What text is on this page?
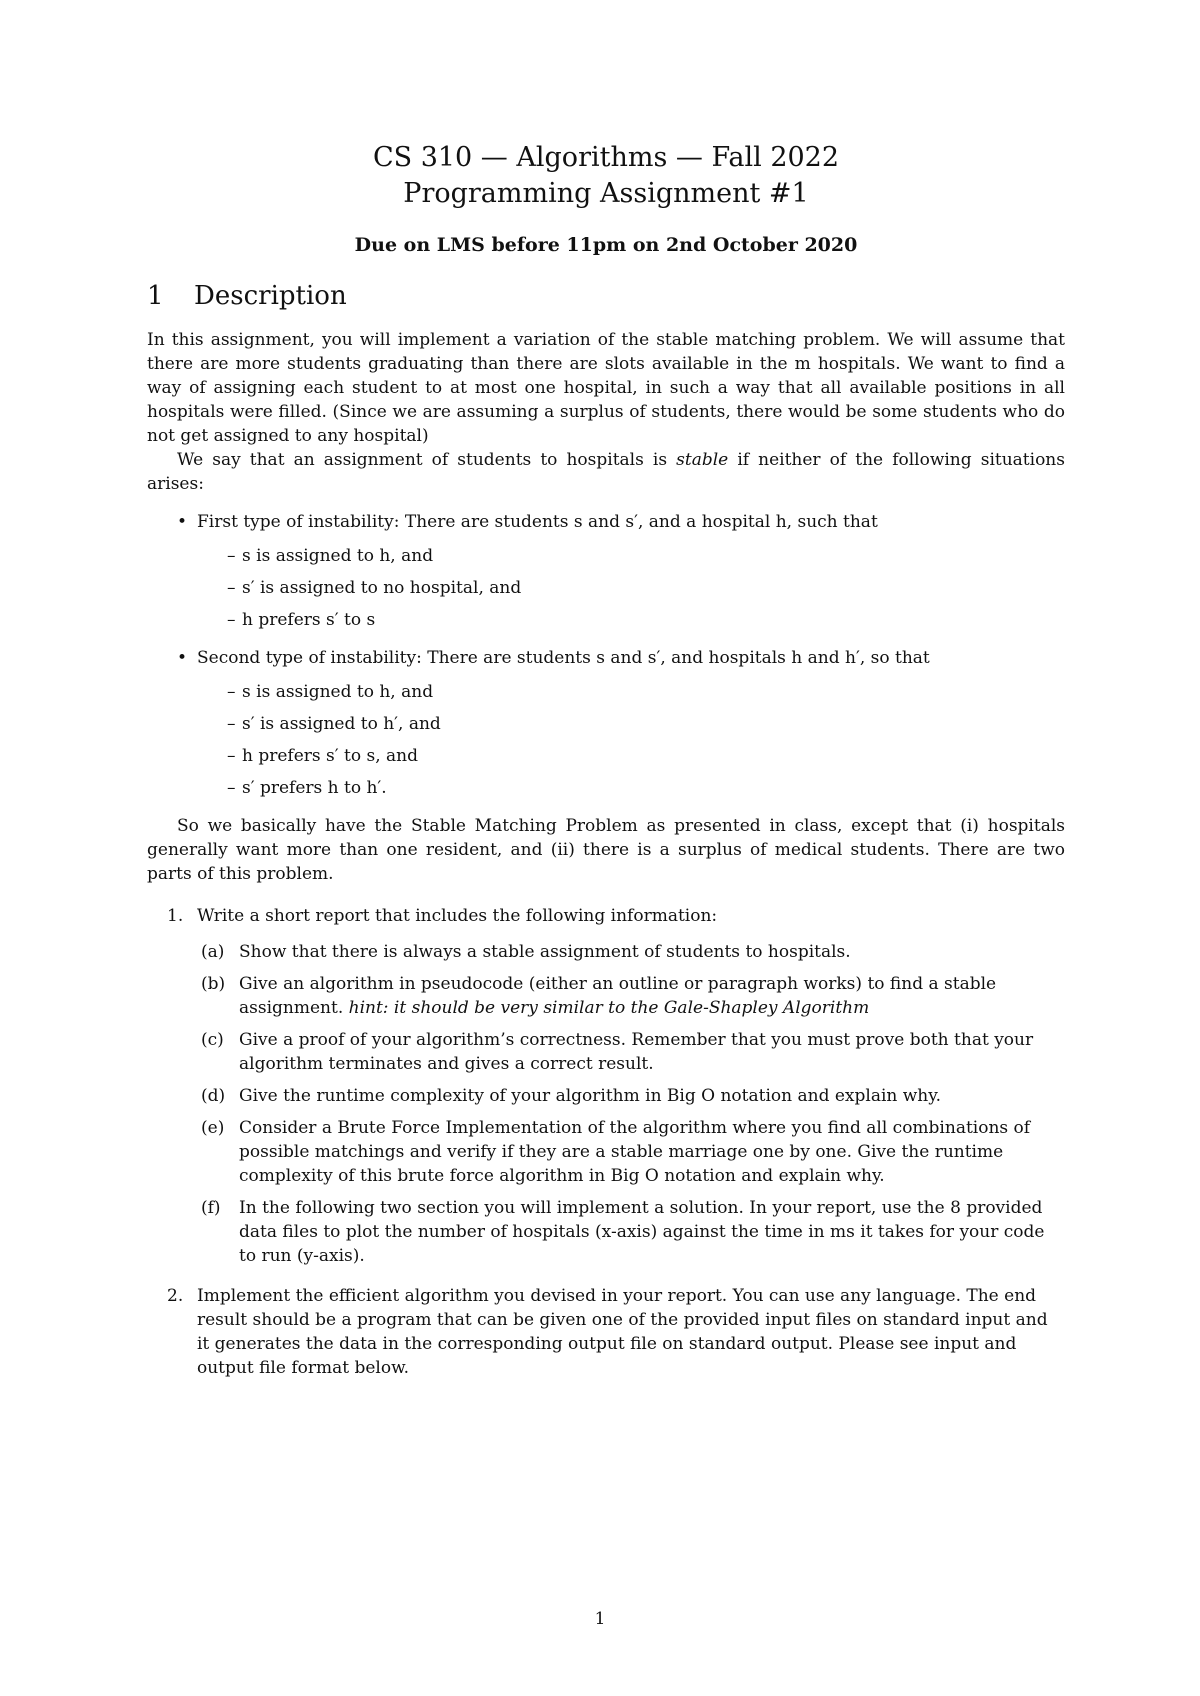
CS 310 — Algorithms — Fall 2022
Programming Assignment #1
Due on LMS before 11pm on 2nd October 2020
1	Description

In this assignment, you will implement a variation of the stable matching problem. We will assume that there are more students graduating than there are slots available in the m hospitals. We want to find a way of assigning each student to at most one hospital, in such a way that all available positions in all hospitals were filled. (Since we are assuming a surplus of students, there would be some students who do not get assigned to any hospital)

We say that an assignment of students to hospitals is stable if neither of the following situations arises:

• First type of instability: There are students s and s′, and a hospital h, such that
– s is assigned to h, and
– s′ is assigned to no hospital, and
– h prefers s′ to s
• Second type of instability: There are students s and s′, and hospitals h and h′, so that
– s is assigned to h, and
– s′ is assigned to h′, and
– h prefers s′ to s, and
– s′ prefers h to h′.

So we basically have the Stable Matching Problem as presented in class, except that (i) hospitals generally want more than one resident, and (ii) there is a surplus of medical students. There are two parts of this problem.

1. Write a short report that includes the following information:
(a) Show that there is always a stable assignment of students to hospitals.
(b) Give an algorithm in pseudocode (either an outline or paragraph works) to find a stable assignment. hint: it should be very similar to the Gale-Shapley Algorithm
(c) Give a proof of your algorithm’s correctness. Remember that you must prove both that your algorithm terminates and gives a correct result.
(d) Give the runtime complexity of your algorithm in Big O notation and explain why.
(e) Consider a Brute Force Implementation of the algorithm where you find all combinations of possible matchings and verify if they are a stable marriage one by one. Give the runtime complexity of this brute force algorithm in Big O notation and explain why.
(f) In the following two section you will implement a solution. In your report, use the 8 provided data files to plot the number of hospitals (x-axis) against the time in ms it takes for your code to run (y-axis).
2. Implement the efficient algorithm you devised in your report. You can use any language. The end result should be a program that can be given one of the provided input files on standard input and it generates the data in the corresponding output file on standard output. Please see input and output file format below.
1
